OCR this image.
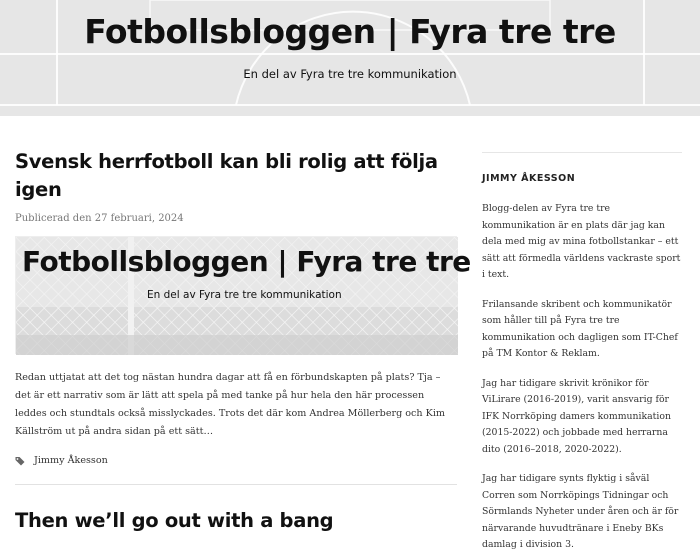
Fotbollsbloggen | Fyra tre tre
En del av Fyra tre tre kommunikation
Svensk herrfotboll kan bli rolig att följa igen
Publicerad den 27 februari, 2024
Fotbollsbloggen | Fyra tre tre
En del av Fyra tre tre kommunikation

Redan uttjatat att det tog nästan hundra dagar att få en förbundskapten på plats? Tja – det är ett narrativ som är lätt att spela på med tanke på hur hela den här processen leddes och stundtals också misslyckades. Trots det där kom Andrea Möllerberg och Kim Källström ut på andra sidan på ett sätt…

Jimmy Åkesson
Then we’ll go out with a bang
JIMMY ÅKESSON

Blogg-delen av Fyra tre tre kommunikation är en plats där jag kan dela med mig av mina fotbollstankar – ett sätt att förmedla världens vackraste sport i text.

Frilansande skribent och kommunikatör som håller till på Fyra tre tre kommunikation och dagligen som IT-Chef på TM Kontor & Reklam.

Jag har tidigare skrivit krönikor för ViLirare (2016-2019), varit ansvarig för IFK Norrköping damers kommunikation (2015-2022) och jobbade med herrarna dito (2016–2018, 2020-2022).

Jag har tidigare synts flyktig i såväl Corren som Norrköpings Tidningar och Sörmlands Nyheter under åren och är för närvarande huvudtränare i Eneby BKs damlag i division 3.
